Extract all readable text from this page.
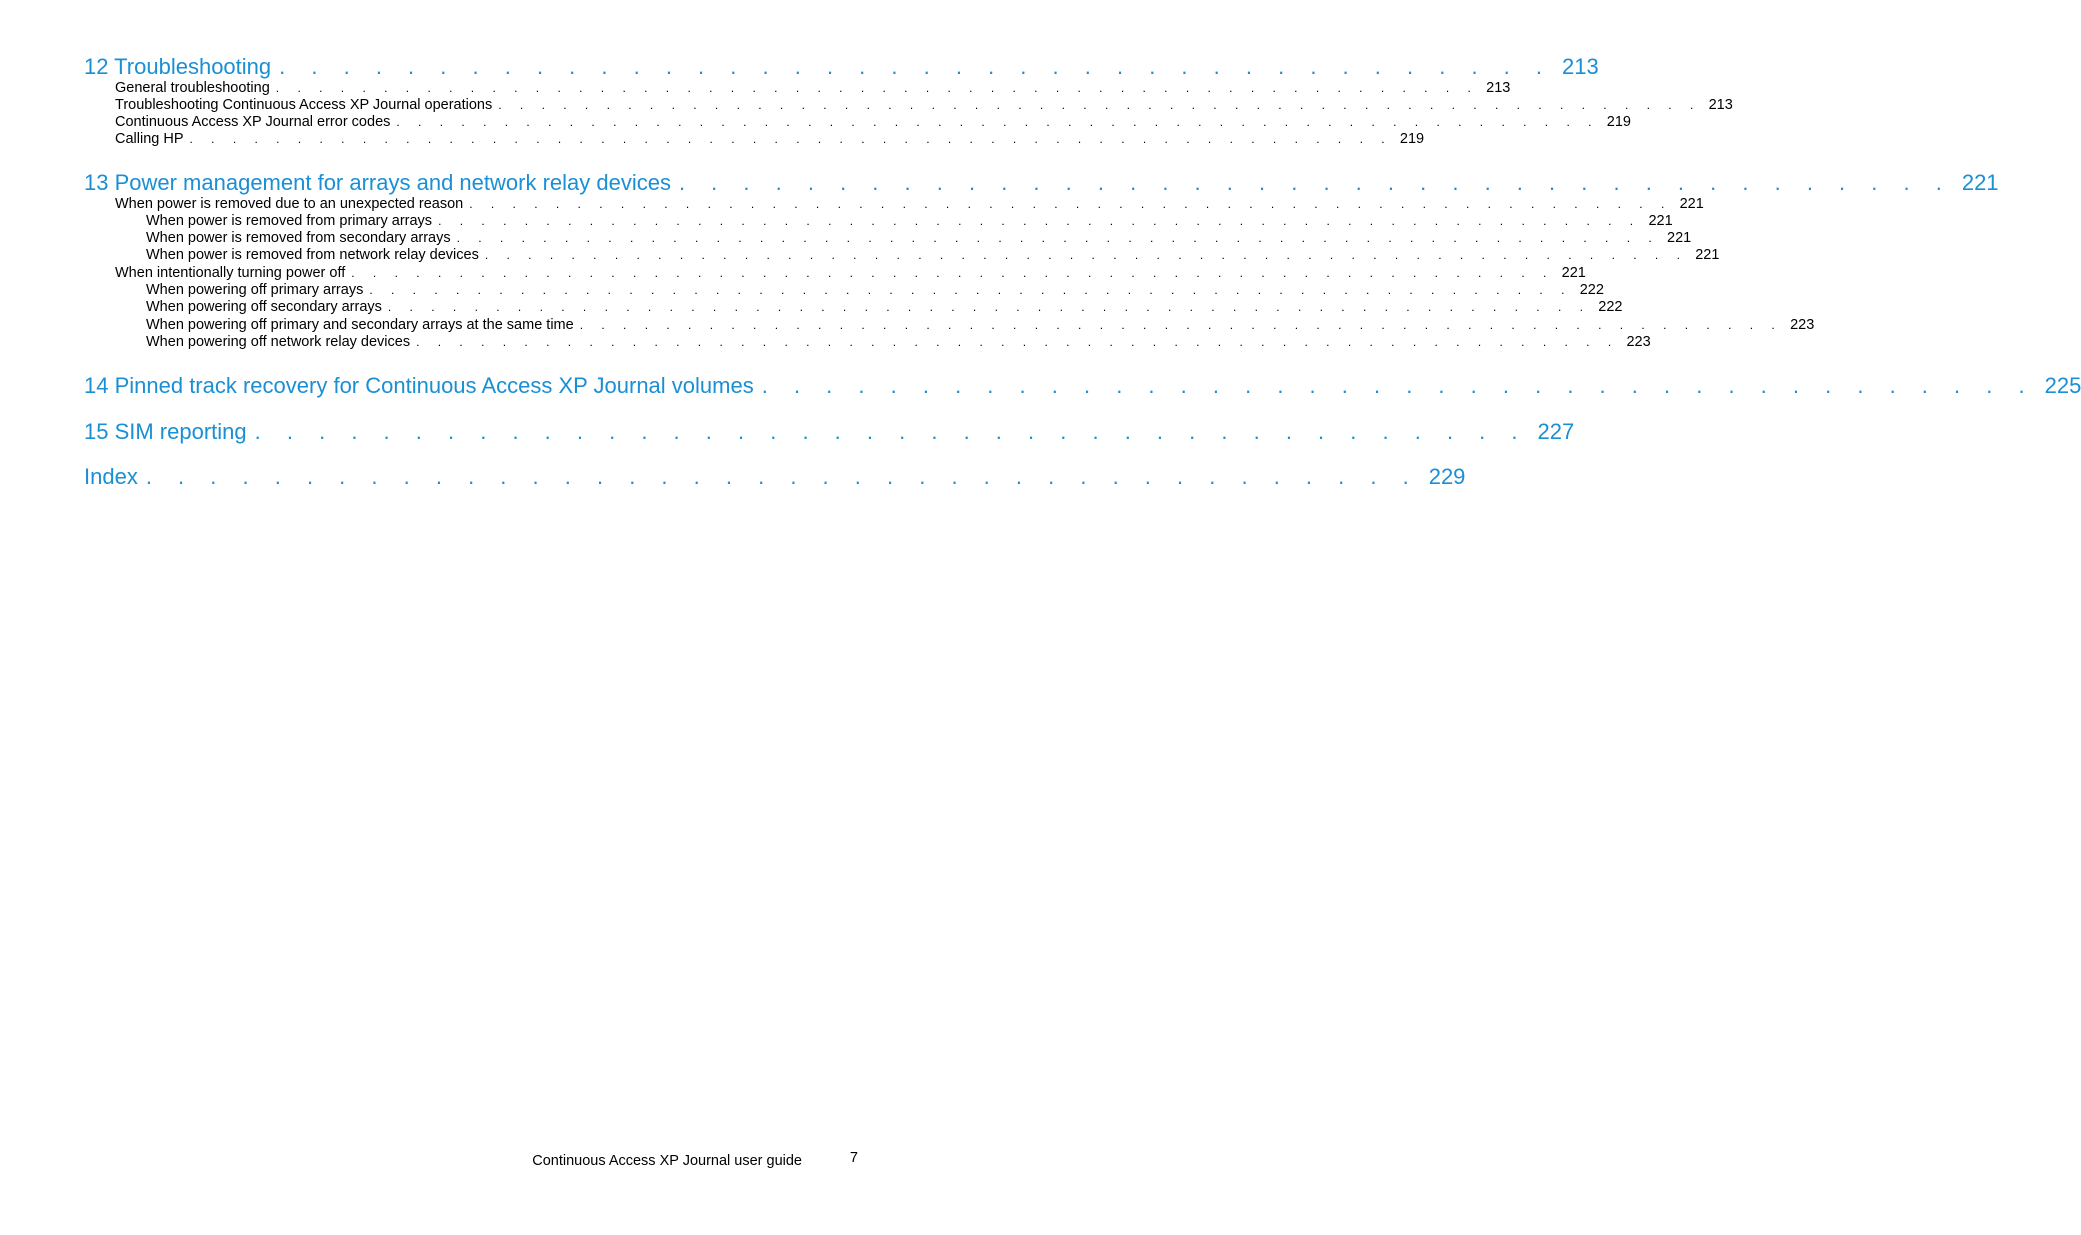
12 Troubleshooting . . . . . . . . . . . . . . . . . . . . . . . . . . . . . . . . . . . . . . . . 213
General troubleshooting . . . . . . . . . . . . . . . . . . . . . . . . . . . . . . . . . . . . . . . . . . . . . . . . . . . . . . . . 213
Troubleshooting Continuous Access XP Journal operations . . . . . . . . . . . . . . . . . . . . . . . . . . . . . . . . . . . . . . . . . . . . . . . . . . . . . . . . 213
Continuous Access XP Journal error codes . . . . . . . . . . . . . . . . . . . . . . . . . . . . . . . . . . . . . . . . . . . . . . . . . . . . . . . . 219
Calling HP . . . . . . . . . . . . . . . . . . . . . . . . . . . . . . . . . . . . . . . . . . . . . . . . . . . . . . . . 219
13 Power management for arrays and network relay devices . . . . . . . . . . . . . . . . . . . . . . . . . . . . . . . . . . . . . . . . 221
When power is removed due to an unexpected reason . . . . . . . . . . . . . . . . . . . . . . . . . . . . . . . . . . . . . . . . . . . . . . . . . . . . . . . . 221
When power is removed from primary arrays . . . . . . . . . . . . . . . . . . . . . . . . . . . . . . . . . . . . . . . . . . . . . . . . . . . . . . . . 221
When power is removed from secondary arrays . . . . . . . . . . . . . . . . . . . . . . . . . . . . . . . . . . . . . . . . . . . . . . . . . . . . . . . . 221
When power is removed from network relay devices . . . . . . . . . . . . . . . . . . . . . . . . . . . . . . . . . . . . . . . . . . . . . . . . . . . . . . . . 221
When intentionally turning power off . . . . . . . . . . . . . . . . . . . . . . . . . . . . . . . . . . . . . . . . . . . . . . . . . . . . . . . . 221
When powering off primary arrays . . . . . . . . . . . . . . . . . . . . . . . . . . . . . . . . . . . . . . . . . . . . . . . . . . . . . . . . 222
When powering off secondary arrays . . . . . . . . . . . . . . . . . . . . . . . . . . . . . . . . . . . . . . . . . . . . . . . . . . . . . . . . 222
When powering off primary and secondary arrays at the same time . . . . . . . . . . . . . . . . . . . . . . . . . . . . . . . . . . . . . . . . . . . . . . . . . . . . . . . . 223
When powering off network relay devices . . . . . . . . . . . . . . . . . . . . . . . . . . . . . . . . . . . . . . . . . . . . . . . . . . . . . . . . 223
14 Pinned track recovery for Continuous Access XP Journal volumes . . . . . . . . . . . . . . . . . . . . . . . . . . . . . . . . . . . . . . . . 225
15 SIM reporting . . . . . . . . . . . . . . . . . . . . . . . . . . . . . . . . . . . . . . . . 227
Index . . . . . . . . . . . . . . . . . . . . . . . . . . . . . . . . . . . . . . . . 229
Continuous Access XP Journal user guide	7
